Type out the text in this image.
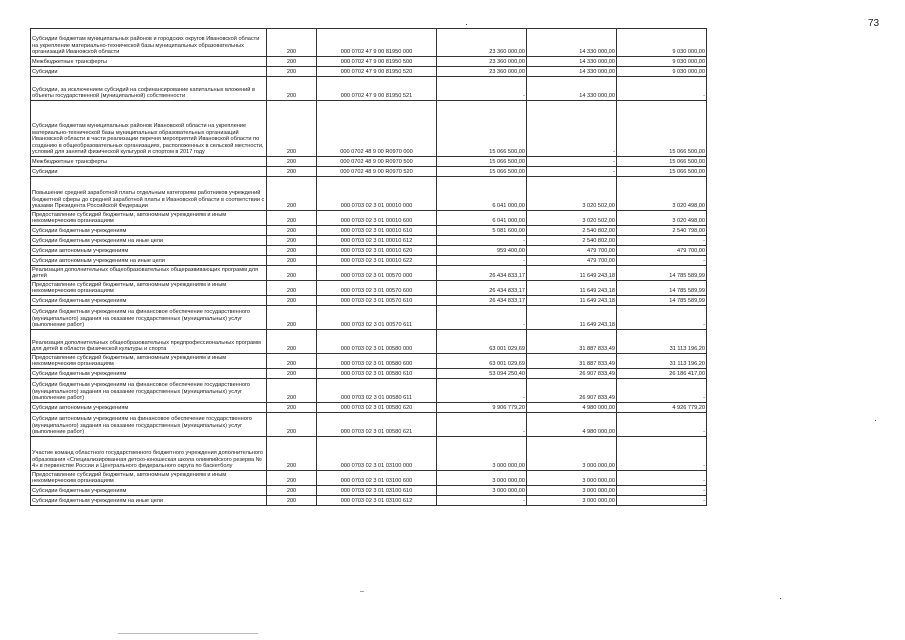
73
Субсидии бюджетам муниципальных районов и городских округов Ивановской области на укрепление материально-технической базы муниципальных образовательных организаций Ивановской области	200	000 0702 47 9 00 81950 000	23 360 000,00	14 330 000,00	9 030 000,00
Межбюджетные трансферты	200	000 0702 47 9 00 81950 500	23 360 000,00	14 330 000,00	9 030 000,00
Субсидии	200	000 0702 47 9 00 81950 520	23 360 000,00	14 330 000,00	9 030 000,00
Субсидии, за исключением субсидий на софинансирование капитальных вложений в объекты государственной (муниципальной) собственности	200	000 0702 47 9 00 81950 521	-	14 330 000,00	-
Субсидии бюджетам муниципальных районов Ивановской области на укрепление материально-технической базы муниципальных образовательных организаций Ивановской области в части реализации перечня мероприятий Ивановской области по созданию в общеобразовательных организациях, расположенных в сельской местности, условий для занятий физической культурой и спортом в 2017 году	200	000 0702 48 9 00 R0970 000	15 066 500,00	-	15 066 500,00
Межбюджетные трансферты	200	000 0702 48 9 00 R0970 500	15 066 500,00	-	15 066 500,00
Субсидии	200	000 0702 48 9 00 R0970 520	15 066 500,00	-	15 066 500,00
Повышение средней заработной платы отдельным категориям работников учреждений бюджетной сферы до средней заработной платы в Ивановской области в соответствии с указами Президента Российской Федерации	200	000 0703 02 3 01 00010 000	6 041 000,00	3 020 502,00	3 020 498,00
Предоставление субсидий бюджетным, автономным учреждениям и иным некоммерческим организациям	200	000 0703 02 3 01 00010 600	6 041 000,00	3 020 502,00	3 020 498,00
Субсидии бюджетным учреждениям	200	000 0703 02 3 01 00010 610	5 081 600,00	2 540 802,00	2 540 798,00
Субсидии бюджетным учреждениям на иные цели	200	000 0703 02 3 01 00010 612	-	2 540 802,00	-
Субсидии автономным учреждениям	200	000 0703 02 3 01 00010 620	959 400,00	479 700,00	479 700,00
Субсидии автономным учреждениям на иные цели	200	000 0703 02 3 01 00010 622	-	479 700,00	-
Реализация дополнительных общеобразовательных общеразвивающих программ для детей	200	000 0703 02 3 01 00570 000	26 434 833,17	11 649 243,18	14 785 589,99
Предоставление субсидий бюджетным, автономным учреждениям и иным некоммерческим организациям	200	000 0703 02 3 01 00570 600	26 434 833,17	11 649 243,18	14 785 589,99
Субсидии бюджетным учреждениям	200	000 0703 02 3 01 00570 610	26 434 833,17	11 649 243,18	14 785 589,99
Субсидии бюджетным учреждениям на финансовое обеспечение государственного (муниципального) задания на оказание государственных (муниципальных) услуг (выполнение работ)	200	000 0703 02 3 01 00570 611	-	11 649 243,18	-
Реализация дополнительных общеобразовательных предпрофессиональных программ для детей в области физической культуры и спорта	200	000 0703 02 3 01 00580 000	63 001 029,69	31 887 833,49	31 113 196,20
Предоставление субсидий бюджетным, автономным учреждениям и иным некоммерческим организациям	200	000 0703 02 3 01 00580 600	63 001 029,69	31 887 833,49	31 113 196,20
Субсидии бюджетным учреждениям	200	000 0703 02 3 01 00580 610	53 094 250,40	26 907 833,49	26 186 417,00
Субсидии бюджетным учреждениям на финансовое обеспечение государственного (муниципального) задания на оказание государственных (муниципальных) услуг (выполнение работ)	200	000 0703 02 3 01 00580 611	-	26 907 833,49	-
Субсидии автономным учреждениям	200	000 0703 02 3 01 00580 620	9 906 779,20	4 980 000,00	4 926 779,20
Субсидии автономным учреждениям на финансовое обеспечение государственного (муниципального) задания на оказание государственных (муниципальных) услуг (выполнение работ)	200	000 0703 02 3 01 00580 621	-	4 980 000,00	-
Участие команд областного государственного бюджетного учреждения дополнительного образования «Специализированная детско-юношеская школа олимпийского резерва № 4» в первенстве России и Центрального федерального округа по баскетболу	200	000 0703 02 3 01 03100 000	3 000 000,00	3 000 000,00	-
Предоставление субсидий бюджетным, автономным учреждениям и иным некоммерческим организациям	200	000 0703 02 3 01 03100 600	3 000 000,00	3 000 000,00	-
Субсидии бюджетным учреждениям	200	000 0703 02 3 01 03100 610	3 000 000,00	3 000 000,00	-
Субсидии бюджетным учреждениям на иные цели	200	000 0703 02 3 01 03100 612	-	3 000 000,00	-
–
